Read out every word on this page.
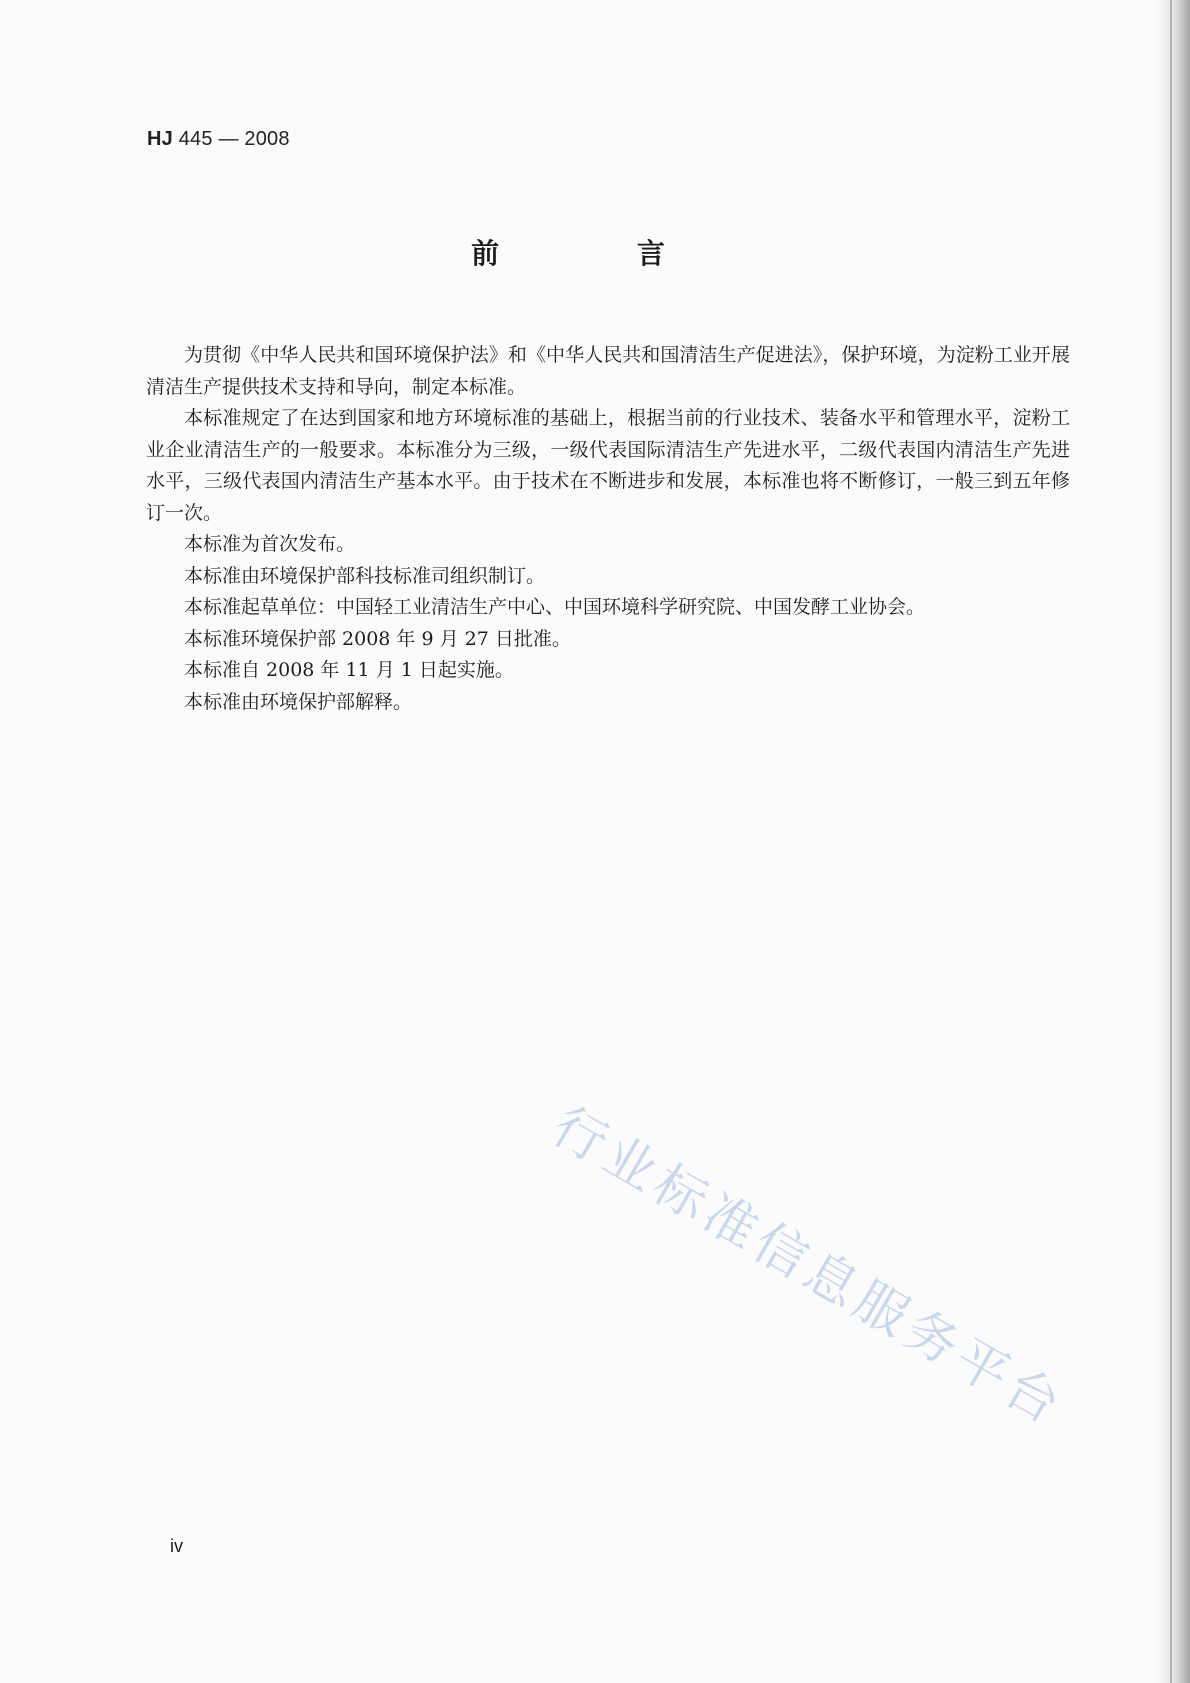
HJ 445 — 2008
前 言

为贯彻《中华人民共和国环境保护法》和《中华人民共和国清洁生产促进法》，保护环境，为淀粉工业开展清洁生产提供技术支持和导向，制定本标准。

本标准规定了在达到国家和地方环境标准的基础上，根据当前的行业技术、装备水平和管理水平，淀粉工业企业清洁生产的一般要求。本标准分为三级，一级代表国际清洁生产先进水平，二级代表国内清洁生产先进水平，三级代表国内清洁生产基本水平。由于技术在不断进步和发展，本标准也将不断修订，一般三到五年修订一次。

本标准为首次发布。

本标准由环境保护部科技标准司组织制订。

本标准起草单位：中国轻工业清洁生产中心、中国环境科学研究院、中国发酵工业协会。

本标准环境保护部 2008 年 9 月 27 日批准。

本标准自 2008 年 11 月 1 日起实施。

本标准由环境保护部解释。

行业标准信息服务平台
iv
